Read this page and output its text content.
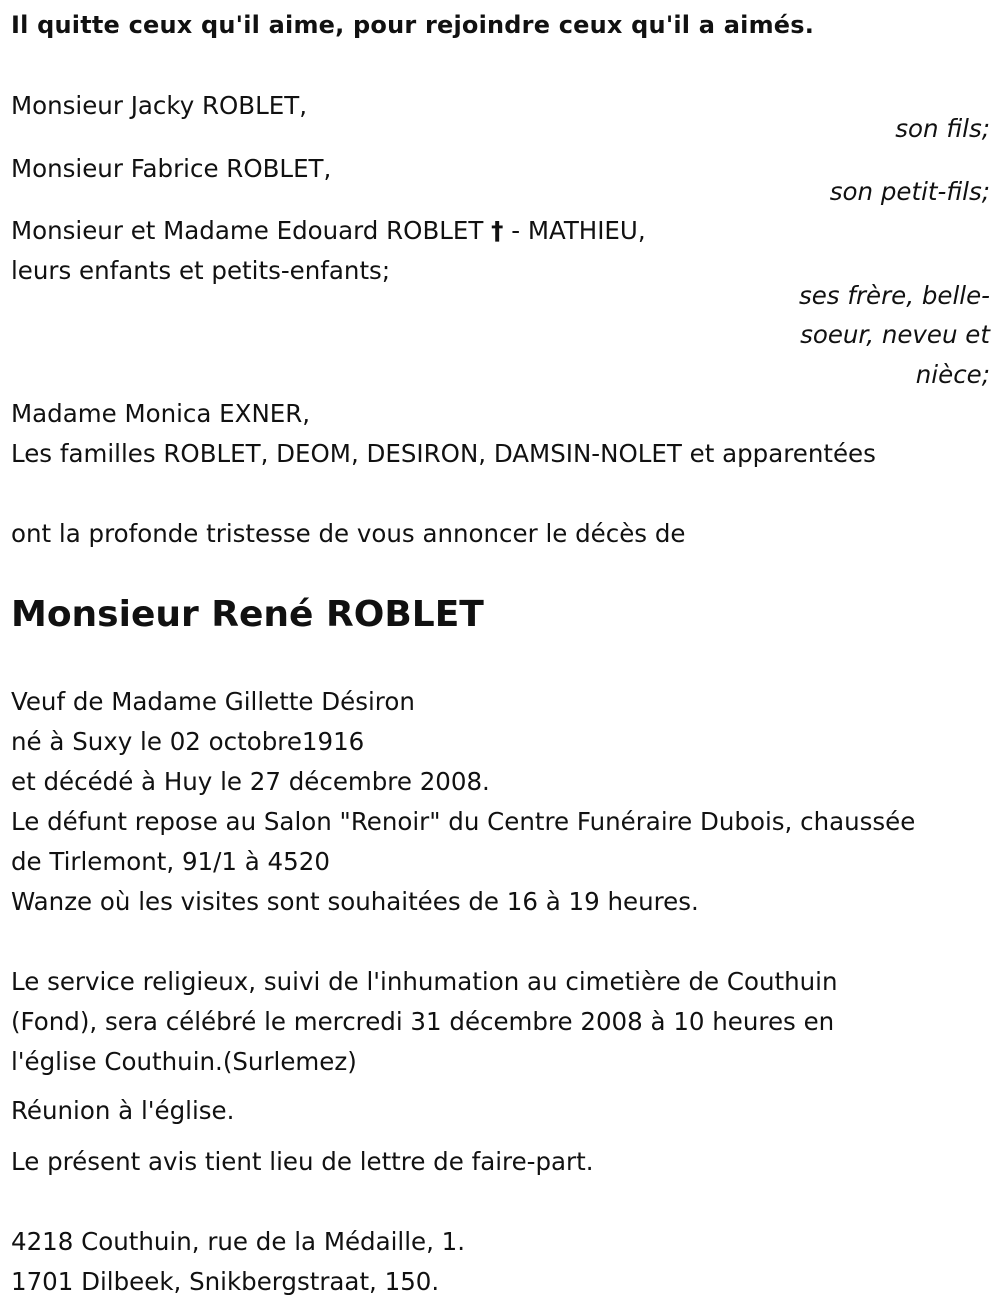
Il quitte ceux qu'il aime, pour rejoindre ceux qu'il a aimés.
Monsieur Jacky ROBLET,
son fils;
Monsieur Fabrice ROBLET,
son petit-fils;
Monsieur et Madame Edouard ROBLET † - MATHIEU,
leurs enfants et petits-enfants;
ses frère, belle-
soeur, neveu et
nièce;
Madame Monica EXNER,
Les familles ROBLET, DEOM, DESIRON, DAMSIN-NOLET et apparentées
ont la profonde tristesse de vous annoncer le décès de
Monsieur René ROBLET
Veuf de Madame Gillette Désiron
né à Suxy le 02 octobre1916
et décédé à Huy le 27 décembre 2008.
Le défunt repose au Salon "Renoir" du Centre Funéraire Dubois, chaussée
de Tirlemont, 91/1 à 4520
Wanze où les visites sont souhaitées de 16 à 19 heures.
Le service religieux, suivi de l'inhumation au cimetière de Couthuin
(Fond), sera célébré le mercredi 31 décembre 2008 à 10 heures en
l'église Couthuin.(Surlemez)
Réunion à l'église.
Le présent avis tient lieu de lettre de faire-part.
4218 Couthuin, rue de la Médaille, 1.
1701 Dilbeek, Snikbergstraat, 150.
